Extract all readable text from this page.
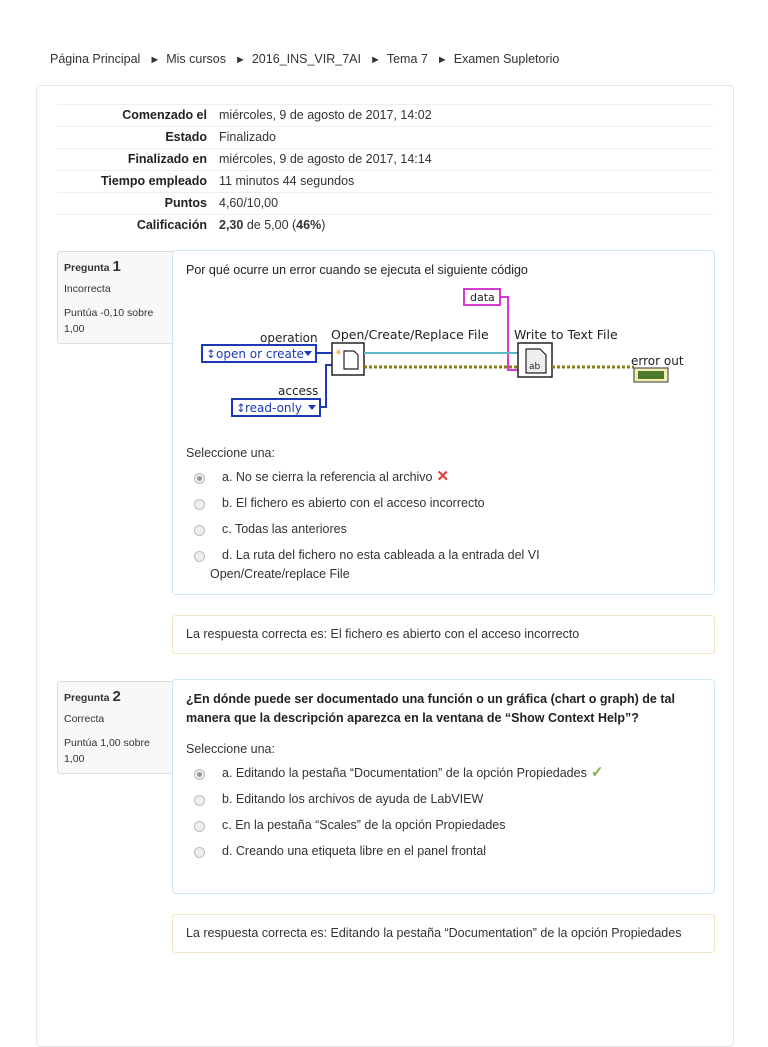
Página Principal ► Mis cursos ► 2016_INS_VIR_7AI ► Tema 7 ► Examen Supletorio
Comenzado el	miércoles, 9 de agosto de 2017, 14:02
Estado	Finalizado
Finalizado en	miércoles, 9 de agosto de 2017, 14:14
Tiempo empleado	11 minutos 44 segundos
Puntos	4,60/10,00
Calificación	2,30 de 5,00 (46%)
Pregunta 1
Incorrecta
Puntúa -0,10 sobre 1,00
Por qué ocurre un error cuando se ejecuta el siguiente código
data
operation Open/Create/Replace File Write to Text File
error out
↕ open or create
access
↕ read-only
✳
ab
Seleccione una:
a. No se cierra la referencia al archivo ✕
b. El fichero es abierto con el acceso incorrecto
c. Todas las anteriores
d. La ruta del fichero no esta cableada a la entrada del VI
Open/Create/replace File
La respuesta correcta es: El fichero es abierto con el acceso incorrecto
Pregunta 2
Correcta
Puntúa 1,00 sobre 1,00
¿En dónde puede ser documentado una función o un gráfica (chart o graph) de tal manera que la descripción aparezca en la ventana de “Show Context Help”?
Seleccione una:
a. Editando la pestaña “Documentation” de la opción Propiedades ✓
b. Editando los archivos de ayuda de LabVIEW
c. En la pestaña “Scales” de la opción Propiedades
d. Creando una etiqueta libre en el panel frontal
La respuesta correcta es: Editando la pestaña “Documentation” de la opción Propiedades
